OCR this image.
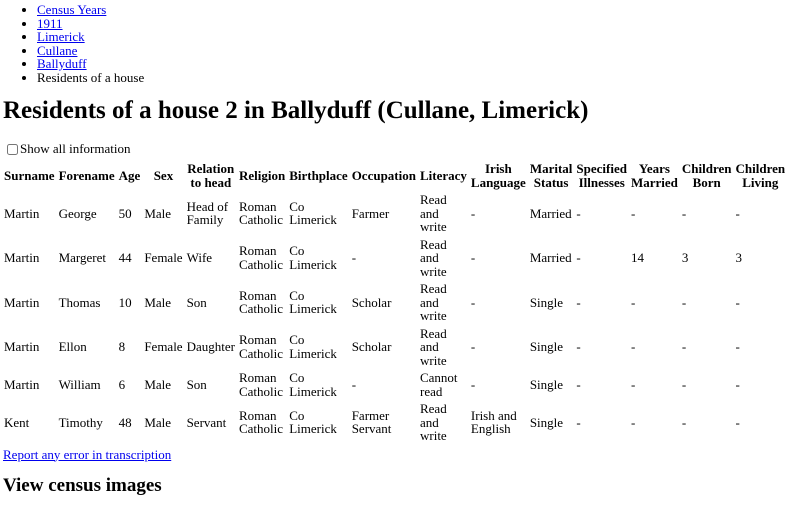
• Census Years
• 1911
• Limerick
• Cullane
• Ballyduff
• Residents of a house
Residents of a house 2 in Ballyduff (Cullane, Limerick)
Show all information
Surname	Forename	Age	Sex	Relation to head	Religion	Birthplace	Occupation	Literacy	Irish Language	Marital Status	Specified Illnesses	Years Married	Children Born	Children Living
Martin	George	50	Male	Head of Family	Roman Catholic	Co Limerick	Farmer	Read and write	-	Married	-	-	-	-
Martin	Margeret	44	Female	Wife	Roman Catholic	Co Limerick	-	Read and write	-	Married	-	14	3	3
Martin	Thomas	10	Male	Son	Roman Catholic	Co Limerick	Scholar	Read and write	-	Single	-	-	-	-
Martin	Ellon	8	Female	Daughter	Roman Catholic	Co Limerick	Scholar	Read and write	-	Single	-	-	-	-
Martin	William	6	Male	Son	Roman Catholic	Co Limerick	-	Cannot read	-	Single	-	-	-	-
Kent	Timothy	48	Male	Servant	Roman Catholic	Co Limerick	Farmer Servant	Read and write	Irish and English	Single	-	-	-	-
Report any error in transcription
View census images
